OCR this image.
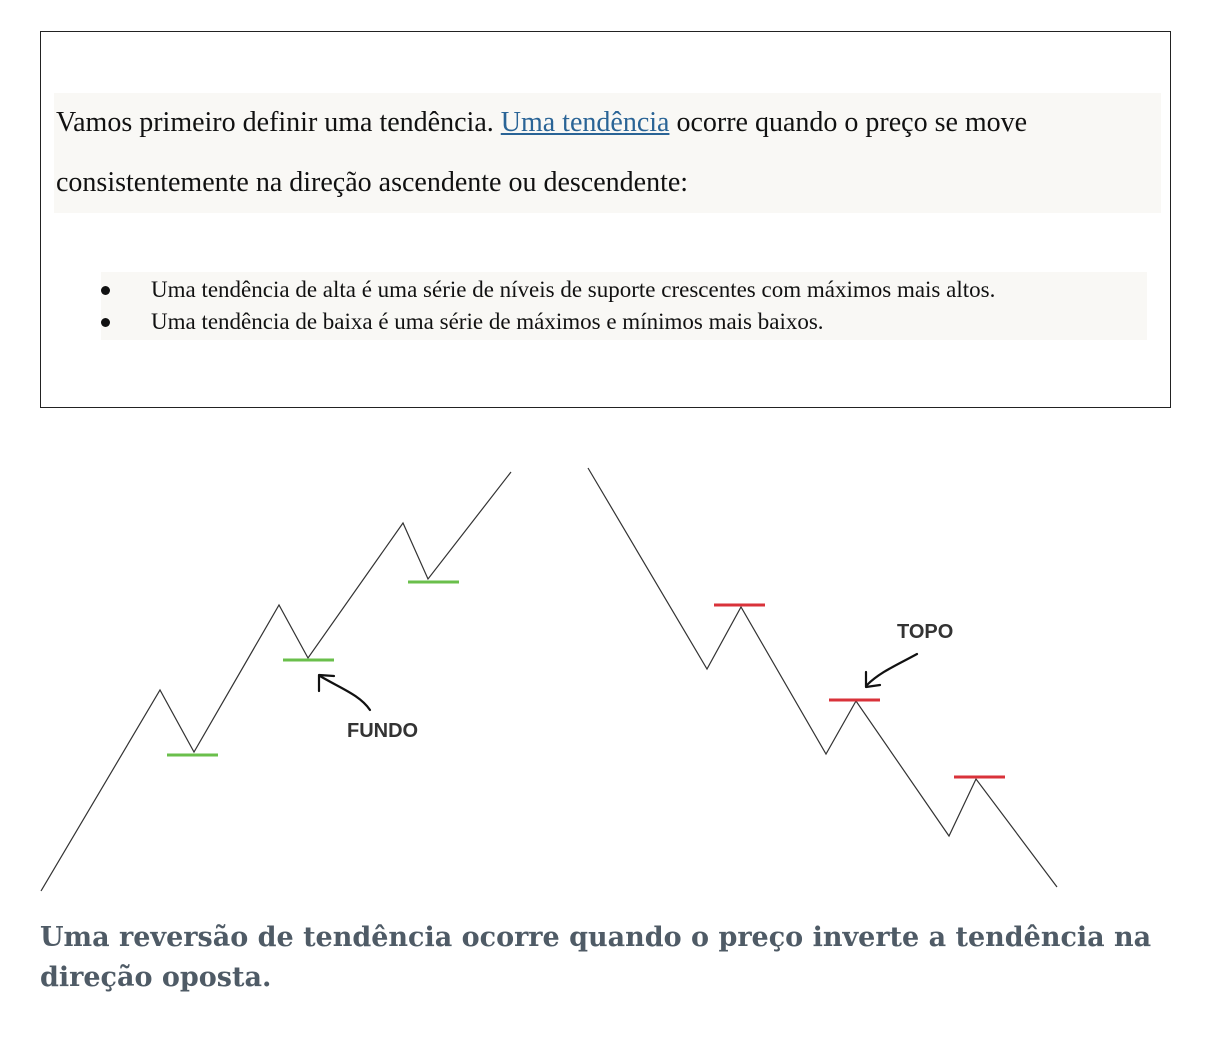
Vamos primeiro definir uma tendência. Uma tendência ocorre quando o preço se move consistentemente na direção ascendente ou descendente:
Uma tendência de alta é uma série de níveis de suporte crescentes com máximos mais altos.
Uma tendência de baixa é uma série de máximos e mínimos mais baixos.
FUNDO
TOPO
Uma reversão de tendência ocorre quando o preço inverte a tendência na direção oposta.
